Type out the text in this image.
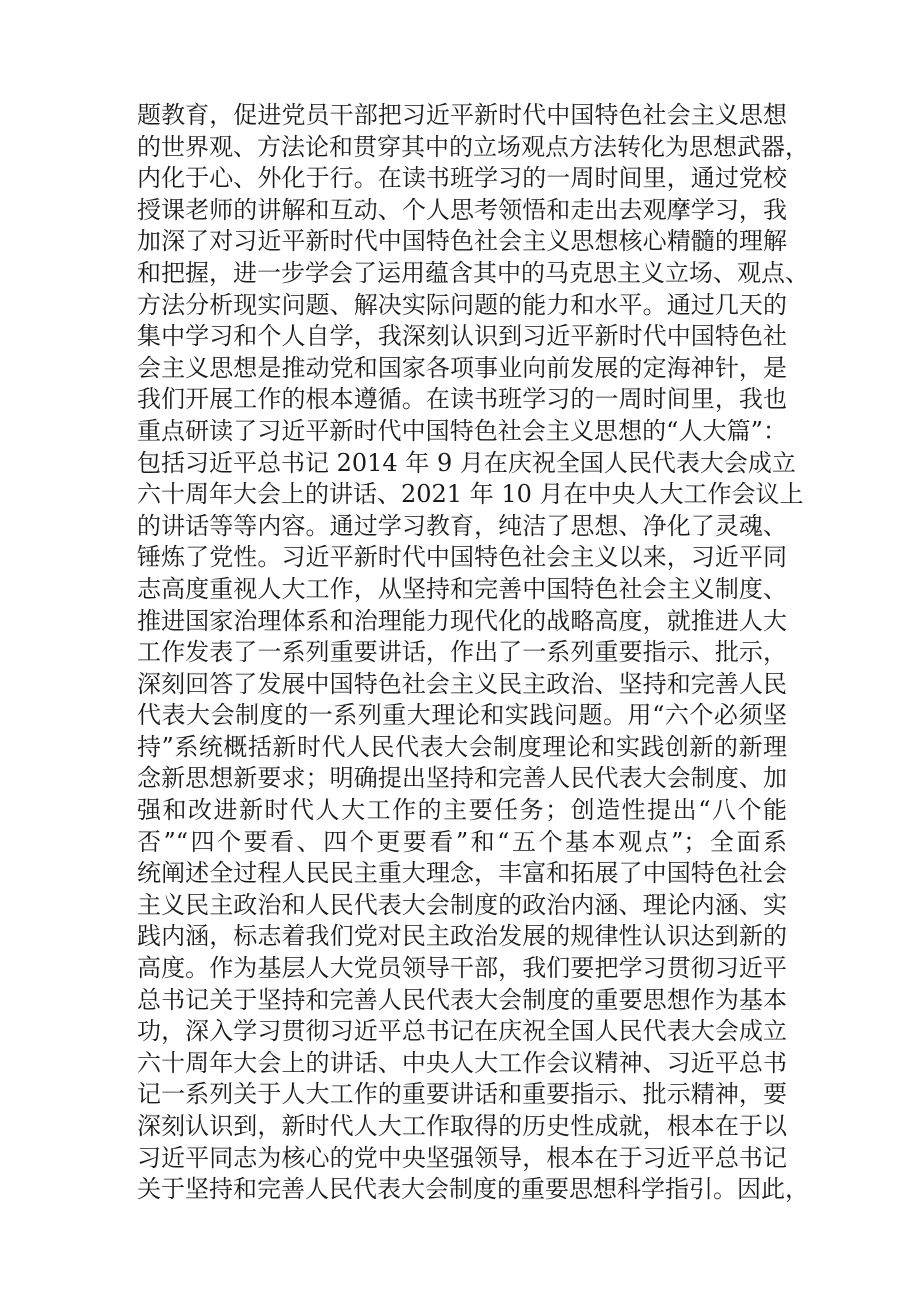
题教育，促进党员干部把习近平新时代中国特色社会主义思想
的世界观、方法论和贯穿其中的立场观点方法转化为思想武器，
内化于心、外化于行。在读书班学习的一周时间里，通过党校
授课老师的讲解和互动、个人思考领悟和走出去观摩学习，我
加深了对习近平新时代中国特色社会主义思想核心精髓的理解
和把握，进一步学会了运用蕴含其中的马克思主义立场、观点、
方法分析现实问题、解决实际问题的能力和水平。通过几天的
集中学习和个人自学，我深刻认识到习近平新时代中国特色社
会主义思想是推动党和国家各项事业向前发展的定海神针，是
我们开展工作的根本遵循。在读书班学习的一周时间里，我也
重点研读了习近平新时代中国特色社会主义思想的“人大篇”：
包括习近平总书记 2014 年 9 月在庆祝全国人民代表大会成立
六十周年大会上的讲话、2021 年 10 月在中央人大工作会议上
的讲话等等内容。通过学习教育，纯洁了思想、净化了灵魂、
锤炼了党性。习近平新时代中国特色社会主义以来，习近平同
志高度重视人大工作，从坚持和完善中国特色社会主义制度、
推进国家治理体系和治理能力现代化的战略高度，就推进人大
工作发表了一系列重要讲话，作出了一系列重要指示、批示，
深刻回答了发展中国特色社会主义民主政治、坚持和完善人民
代表大会制度的一系列重大理论和实践问题。用“六个必须坚
持”系统概括新时代人民代表大会制度理论和实践创新的新理
念新思想新要求；明确提出坚持和完善人民代表大会制度、加
强和改进新时代人大工作的主要任务；创造性提出“八个能
否”“四个要看、四个更要看”和“五个基本观点”；全面系
统阐述全过程人民民主重大理念，丰富和拓展了中国特色社会
主义民主政治和人民代表大会制度的政治内涵、理论内涵、实
践内涵，标志着我们党对民主政治发展的规律性认识达到新的
高度。作为基层人大党员领导干部，我们要把学习贯彻习近平
总书记关于坚持和完善人民代表大会制度的重要思想作为基本
功，深入学习贯彻习近平总书记在庆祝全国人民代表大会成立
六十周年大会上的讲话、中央人大工作会议精神、习近平总书
记一系列关于人大工作的重要讲话和重要指示、批示精神，要
深刻认识到，新时代人大工作取得的历史性成就，根本在于以
习近平同志为核心的党中央坚强领导，根本在于习近平总书记
关于坚持和完善人民代表大会制度的重要思想科学指引。因此，
